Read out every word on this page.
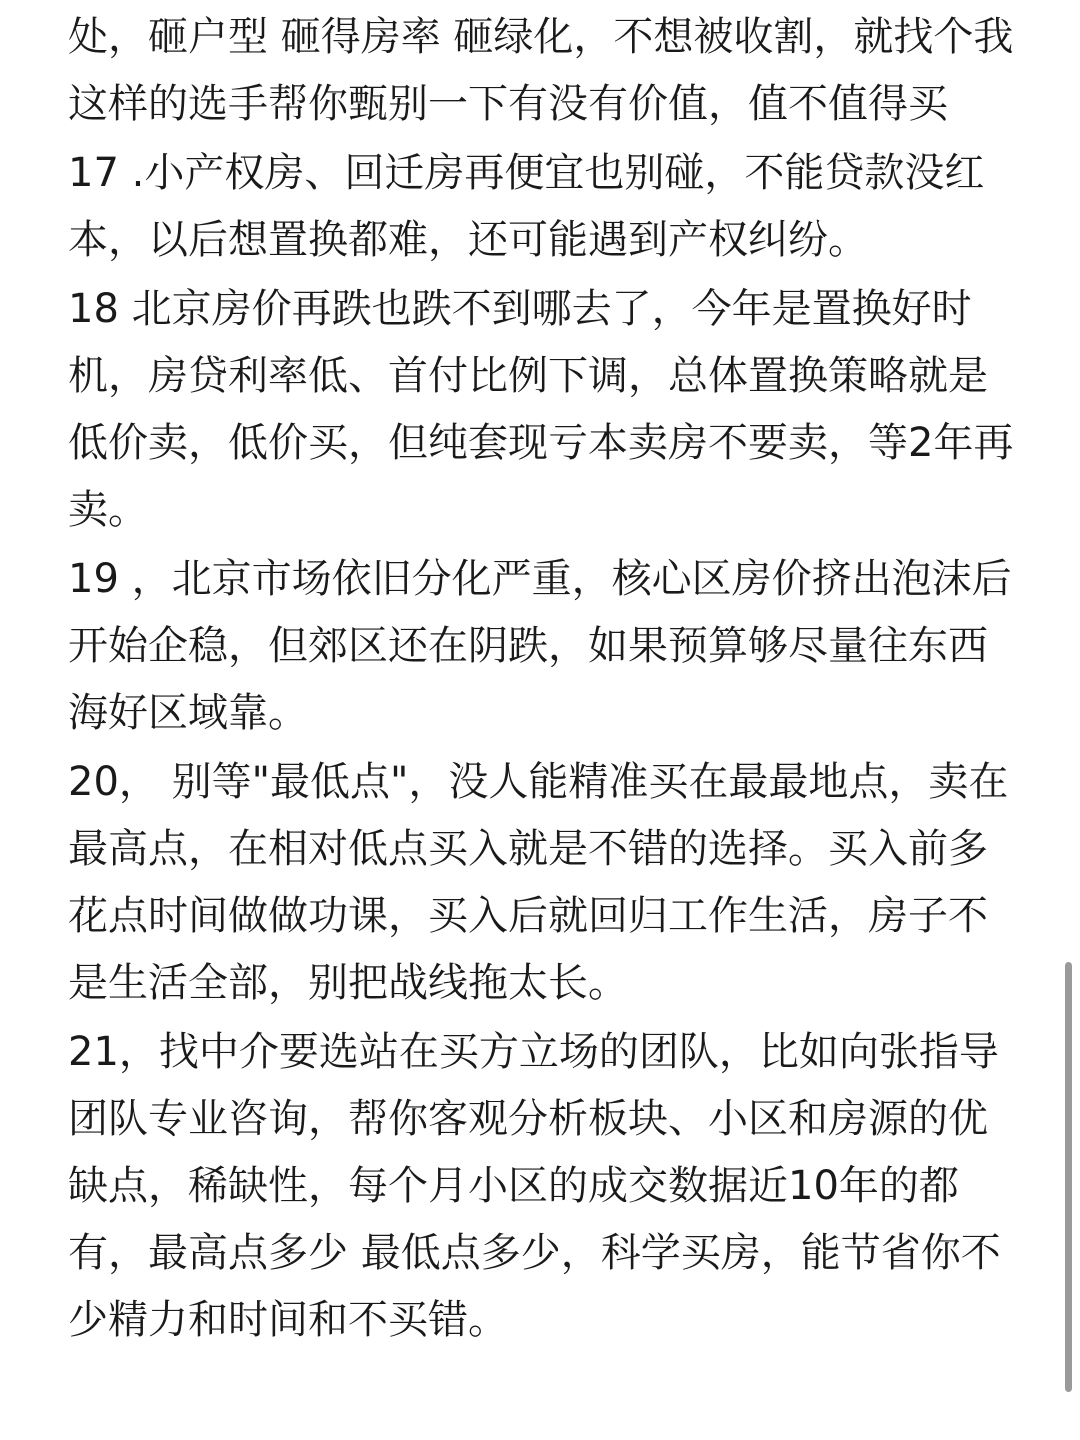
处，砸户型 砸得房率 砸绿化，不想被收割，就找个我这样的选手帮你甄别一下有没有价值，值不值得买

17 .小产权房、回迁房再便宜也别碰，不能贷款没红本，以后想置换都难，还可能遇到产权纠纷。

18 北京房价再跌也跌不到哪去了，今年是置换好时机，房贷利率低、首付比例下调，总体置换策略就是低价卖，低价买，但纯套现亏本卖房不要卖，等2年再卖。

19 ，北京市场依旧分化严重，核心区房价挤出泡沫后开始企稳，但郊区还在阴跌，如果预算够尽量往东西海好区域靠。

20， 别等"最低点"，没人能精准买在最最地点，卖在最高点，在相对低点买入就是不错的选择。买入前多花点时间做做功课，买入后就回归工作生活，房子不是生活全部，别把战线拖太长。

21，找中介要选站在买方立场的团队，比如向张指导团队专业咨询，帮你客观分析板块、小区和房源的优缺点，稀缺性，每个月小区的成交数据近10年的都有，最高点多少 最低点多少，科学买房，能节省你不少精力和时间和不买错。
